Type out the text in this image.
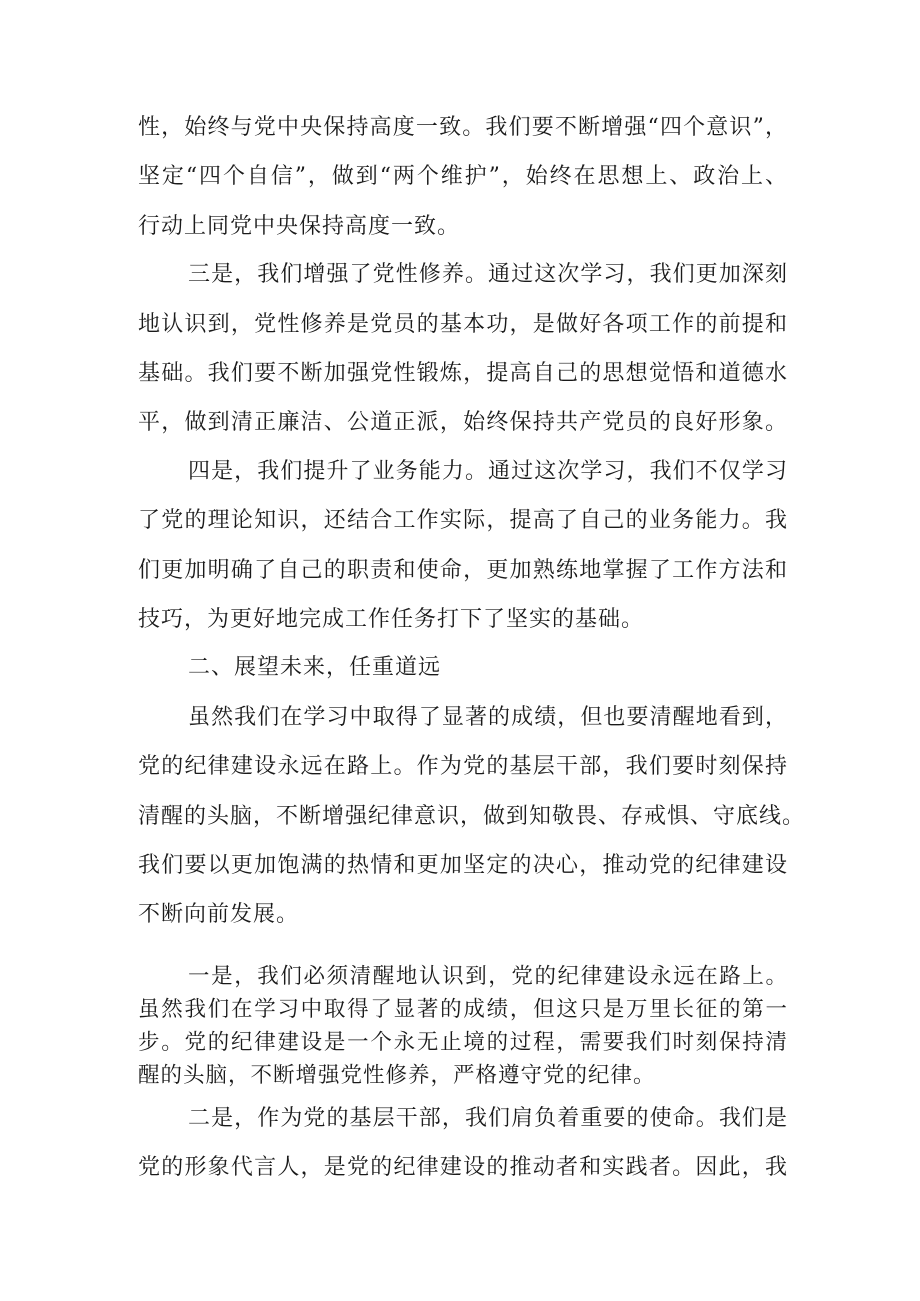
性，始终与党中央保持高度一致。我们要不断增强“四个意识”，

坚定“四个自信”，做到“两个维护”，始终在思想上、政治上、

行动上同党中央保持高度一致。

三是，我们增强了党性修养。通过这次学习，我们更加深刻

地认识到，党性修养是党员的基本功，是做好各项工作的前提和

基础。我们要不断加强党性锻炼，提高自己的思想觉悟和道德水

平，做到清正廉洁、公道正派，始终保持共产党员的良好形象。

四是，我们提升了业务能力。通过这次学习，我们不仅学习

了党的理论知识，还结合工作实际，提高了自己的业务能力。我

们更加明确了自己的职责和使命，更加熟练地掌握了工作方法和

技巧，为更好地完成工作任务打下了坚实的基础。

二、展望未来，任重道远

虽然我们在学习中取得了显著的成绩，但也要清醒地看到，

党的纪律建设永远在路上。作为党的基层干部，我们要时刻保持

清醒的头脑，不断增强纪律意识，做到知敬畏、存戒惧、守底线。

我们要以更加饱满的热情和更加坚定的决心，推动党的纪律建设

不断向前发展。

一是，我们必须清醒地认识到，党的纪律建设永远在路上。

虽然我们在学习中取得了显著的成绩，但这只是万里长征的第一

步。党的纪律建设是一个永无止境的过程，需要我们时刻保持清

醒的头脑，不断增强党性修养，严格遵守党的纪律。

二是，作为党的基层干部，我们肩负着重要的使命。我们是

党的形象代言人，是党的纪律建设的推动者和实践者。因此，我
